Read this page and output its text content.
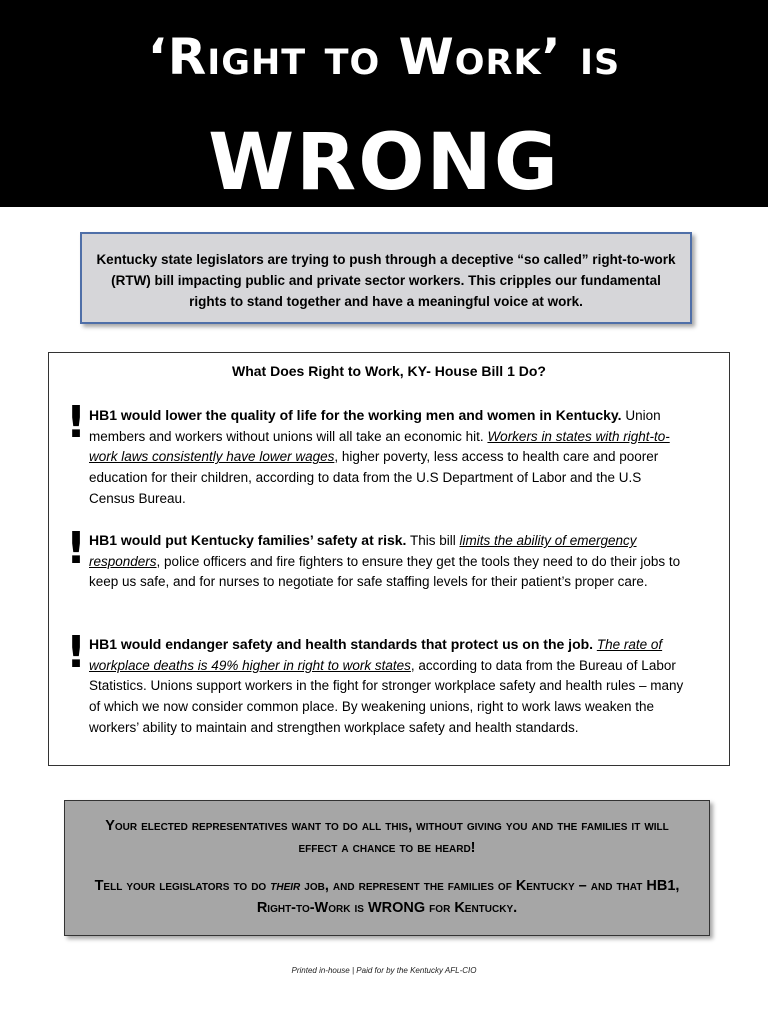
‘Right to Work’ is
WRONG
Kentucky state legislators are trying to push through a deceptive “so called” right-to-work (RTW) bill impacting public and private sector workers. This cripples our fundamental rights to stand together and have a meaningful voice at work.
What Does Right to Work, KY- House Bill 1 Do?
! HB1 would lower the quality of life for the working men and women in Kentucky. Union members and workers without unions will all take an economic hit. Workers in states with right-to-work laws consistently have lower wages, higher poverty, less access to health care and poorer education for their children, according to data from the U.S Department of Labor and the U.S Census Bureau.
! HB1 would put Kentucky families’ safety at risk. This bill limits the ability of emergency responders, police officers and fire fighters to ensure they get the tools they need to do their jobs to keep us safe, and for nurses to negotiate for safe staffing levels for their patient’s proper care.
! HB1 would endanger safety and health standards that protect us on the job. The rate of workplace deaths is 49% higher in right to work states, according to data from the Bureau of Labor Statistics. Unions support workers in the fight for stronger workplace safety and health rules – many of which we now consider common place. By weakening unions, right to work laws weaken the workers’ ability to maintain and strengthen workplace safety and health standards.

Your elected representatives want to do all this, without giving you and the families it will effect a chance to be heard!

Tell your legislators to do their job, and represent the families of Kentucky – and that HB1, Right-to-Work is WRONG for Kentucky.

Printed in-house | Paid for by the Kentucky AFL-CIO
